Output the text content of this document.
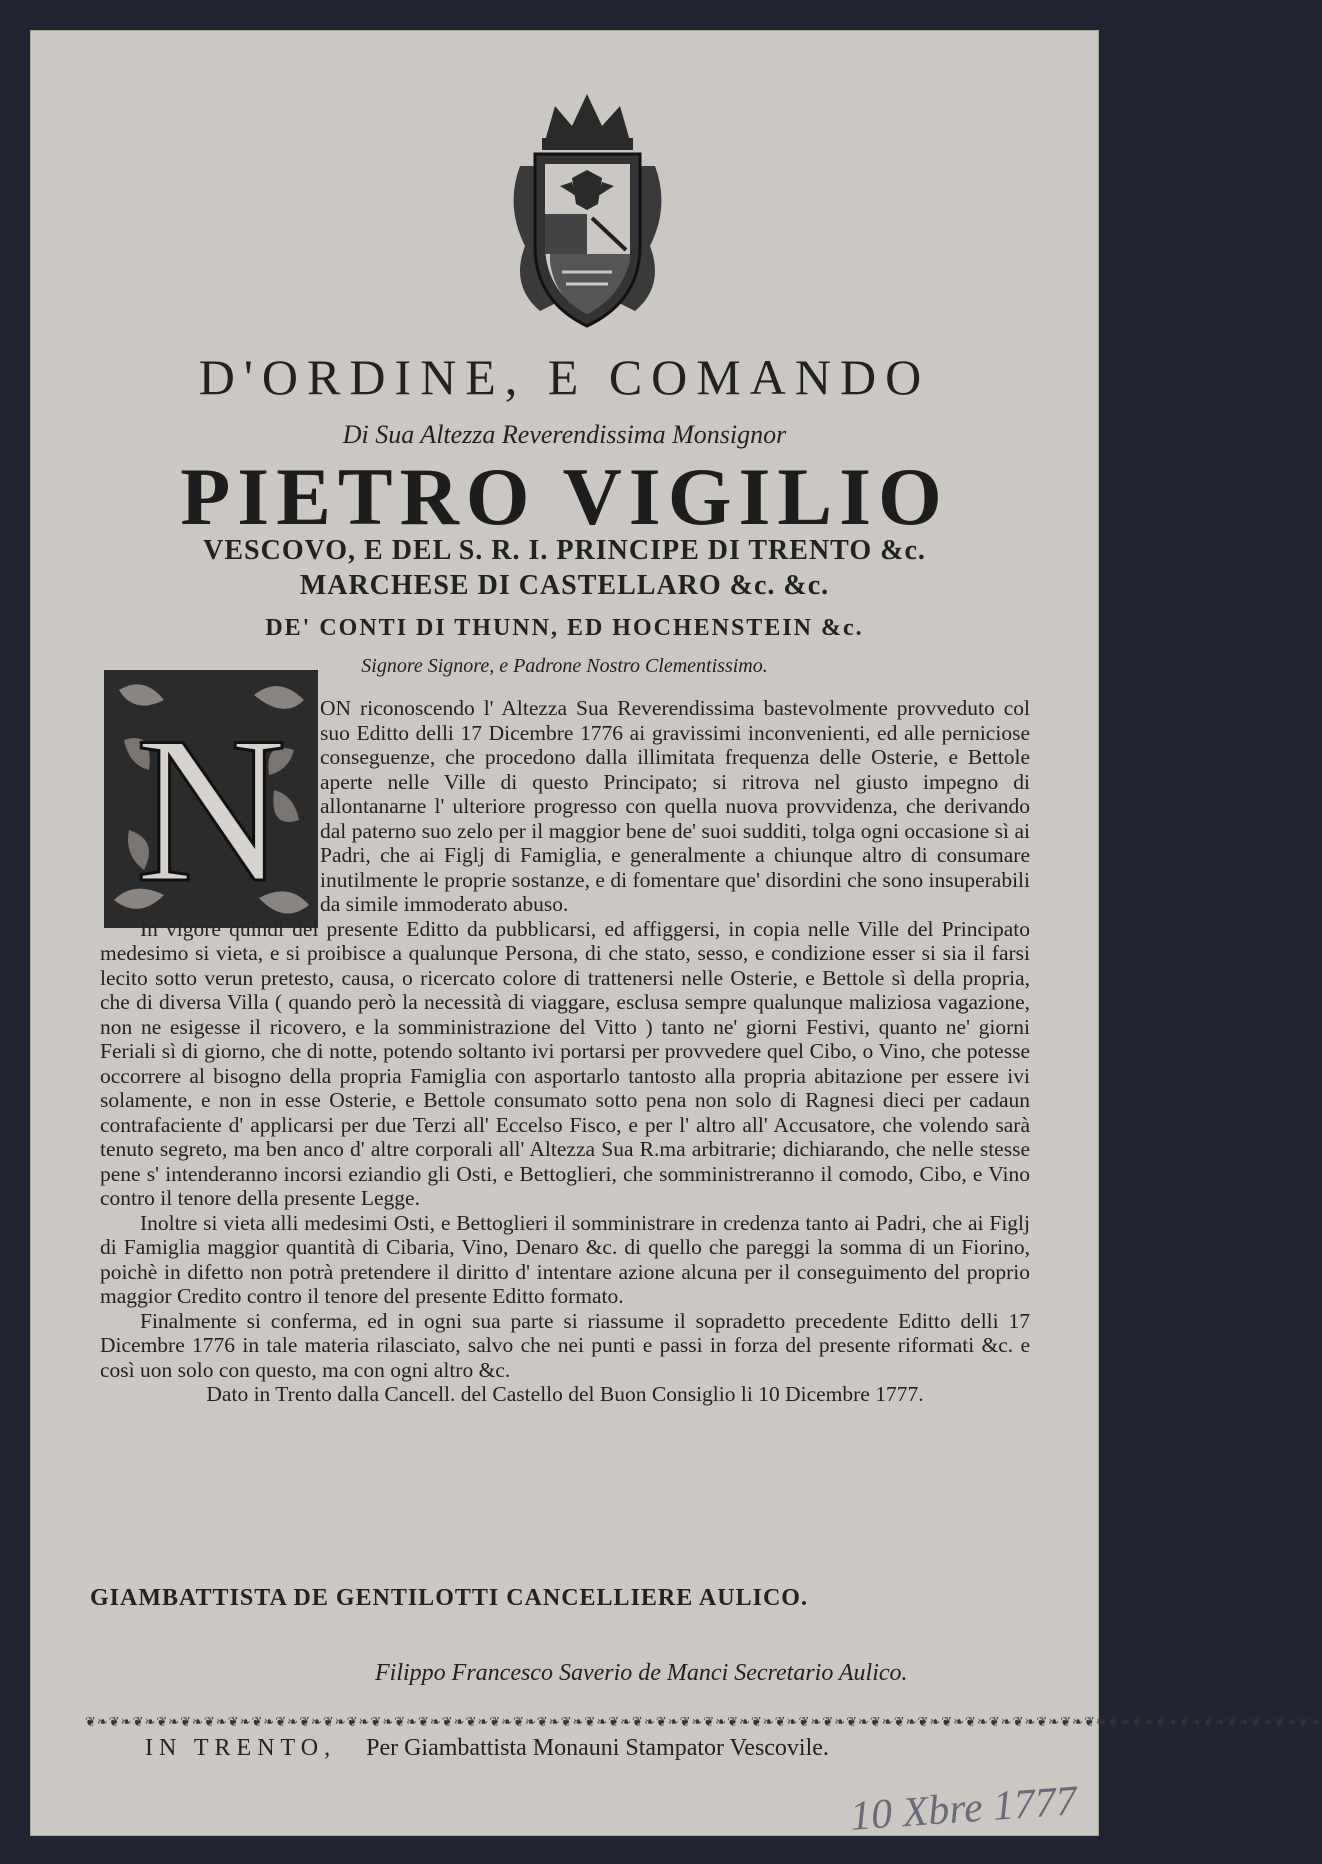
D'ORDINE, E COMANDO
Di Sua Altezza Reverendissima Monsignor
PIETRO VIGILIO
VESCOVO, E DEL S. R. I. PRINCIPE DI TRENTO &c.
MARCHESE DI CASTELLARO &c. &c.
DE' CONTI DI THUNN, ED HOCHENSTEIN &c.
Signore Signore, e Padrone Nostro Clementissimo.
N	ON riconoscendo l' Altezza Sua Reverendissima bastevolmente provveduto col suo Editto delli 17 Dicembre 1776 ai gravissimi inconvenienti, ed alle perniciose conseguenze, che procedono dalla illimitata frequenza delle Osterie, e Bettole aperte nelle Ville di questo Principato; si ritrova nel giusto impegno di allontanarne l' ulteriore progresso con quella nuova provvidenza, che derivando dal paterno suo zelo per il maggior bene de' suoi sudditi, tolga ogni occasione sì ai Padri, che ai Figlj di Famiglia, e generalmente a chiunque altro di consumare inutilmente le proprie sostanze, e di fomentare que' disordini che sono insuperabili da simile immoderato abuso.

In vigore quindi del presente Editto da pubblicarsi, ed affiggersi, in copia nelle Ville del Principato medesimo si vieta, e si proibisce a qualunque Persona, di che stato, sesso, e condizione esser si sia il farsi lecito sotto verun pretesto, causa, o ricercato colore di trattenersi nelle Osterie, e Bettole sì della propria, che di diversa Villa ( quando però la necessità di viaggare, esclusa sempre qualunque maliziosa vagazione, non ne esigesse il ricovero, e la somministrazione del Vitto ) tanto ne' giorni Festivi, quanto ne' giorni Feriali sì di giorno, che di notte, potendo soltanto ivi portarsi per provvedere quel Cibo, o Vino, che potesse occorrere al bisogno della propria Famiglia con asportarlo tantosto alla propria abitazione per essere ivi solamente, e non in esse Osterie, e Bettole consumato sotto pena non solo di Ragnesi dieci per cadaun contrafaciente d' applicarsi per due Terzi all' Eccelso Fisco, e per l' altro all' Accusatore, che volendo sarà tenuto segreto, ma ben anco d' altre corporali all' Altezza Sua R.ma arbitrarie; dichiarando, che nelle stesse pene s' intenderanno incorsi eziandio gli Osti, e Bettoglieri, che somministreranno il comodo, Cibo, e Vino contro il tenore della presente Legge.

Inoltre si vieta alli medesimi Osti, e Bettoglieri il somministrare in credenza tanto ai Padri, che ai Figlj di Famiglia maggior quantità di Cibaria, Vino, Denaro &c. di quello che pareggi la somma di un Fiorino, poichè in difetto non potrà pretendere il diritto d' intentare azione alcuna per il conseguimento del proprio maggior Credito contro il tenore del presente Editto formato.

Finalmente si conferma, ed in ogni sua parte si riassume il sopradetto precedente Editto delli 17 Dicembre 1776 in tale materia rilasciato, salvo che nei punti e passi in forza del presente riformati &c. e così uon solo con questo, ma con ogni altro &c.

Dato in Trento dalla Cancell. del Castello del Buon Consiglio li 10 Dicembre 1777.

GIAMBATTISTA DE GENTILOTTI CANCELLIERE AULICO.
Filippo Francesco Saverio de Manci Secretario Aulico.
❦❧❦❧❦❧❦❧❦❧❦❧❦❧❦❧❦❧❦❧❦❧❦❧❦❧❦❧❦❧❦❧❦❧❦❧❦❧❦❧❦❧❦❧❦❧❦❧❦❧❦❧❦❧❦❧❦❧❦❧❦❧❦❧❦❧❦❧❦❧❦❧❦❧❦❧❦❧❦❧❦❧❦❧❦❧❦❧❦❧❦❧❦❧❦❧❦❧❦❧❦❧❦❧
IN TRENTO, Per Giambattista Monauni Stampator Vescovile.
10 Xbre 1777
